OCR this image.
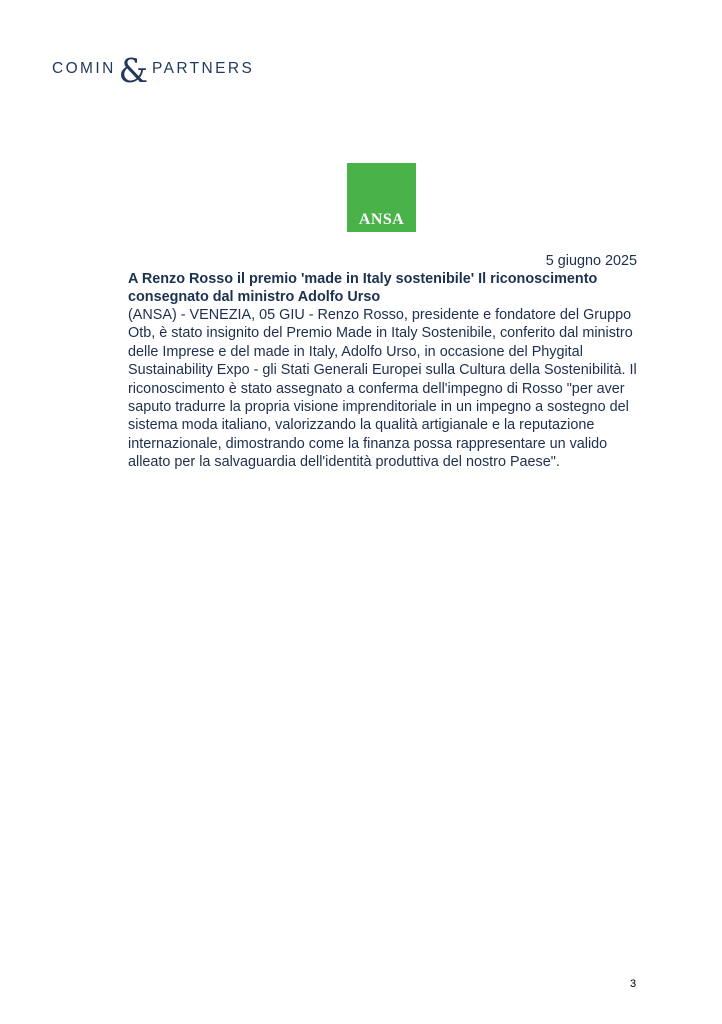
COMIN & PARTNERS
ANSA
5 giugno 2025
A Renzo Rosso il premio 'made in Italy sostenibile' Il riconoscimento consegnato dal ministro Adolfo Urso

(ANSA) - VENEZIA, 05 GIU - Renzo Rosso, presidente e fondatore del Gruppo Otb, è stato insignito del Premio Made in Italy Sostenibile, conferito dal ministro delle Imprese e del made in Italy, Adolfo Urso, in occasione del Phygital Sustainability Expo - gli Stati Generali Europei sulla Cultura della Sostenibilità. Il riconoscimento è stato assegnato a conferma dell'impegno di Rosso "per aver saputo tradurre la propria visione imprenditoriale in un impegno a sostegno del sistema moda italiano, valorizzando la qualità artigianale e la reputazione internazionale, dimostrando come la finanza possa rappresentare un valido alleato per la salvaguardia dell'identità produttiva del nostro Paese".

3
